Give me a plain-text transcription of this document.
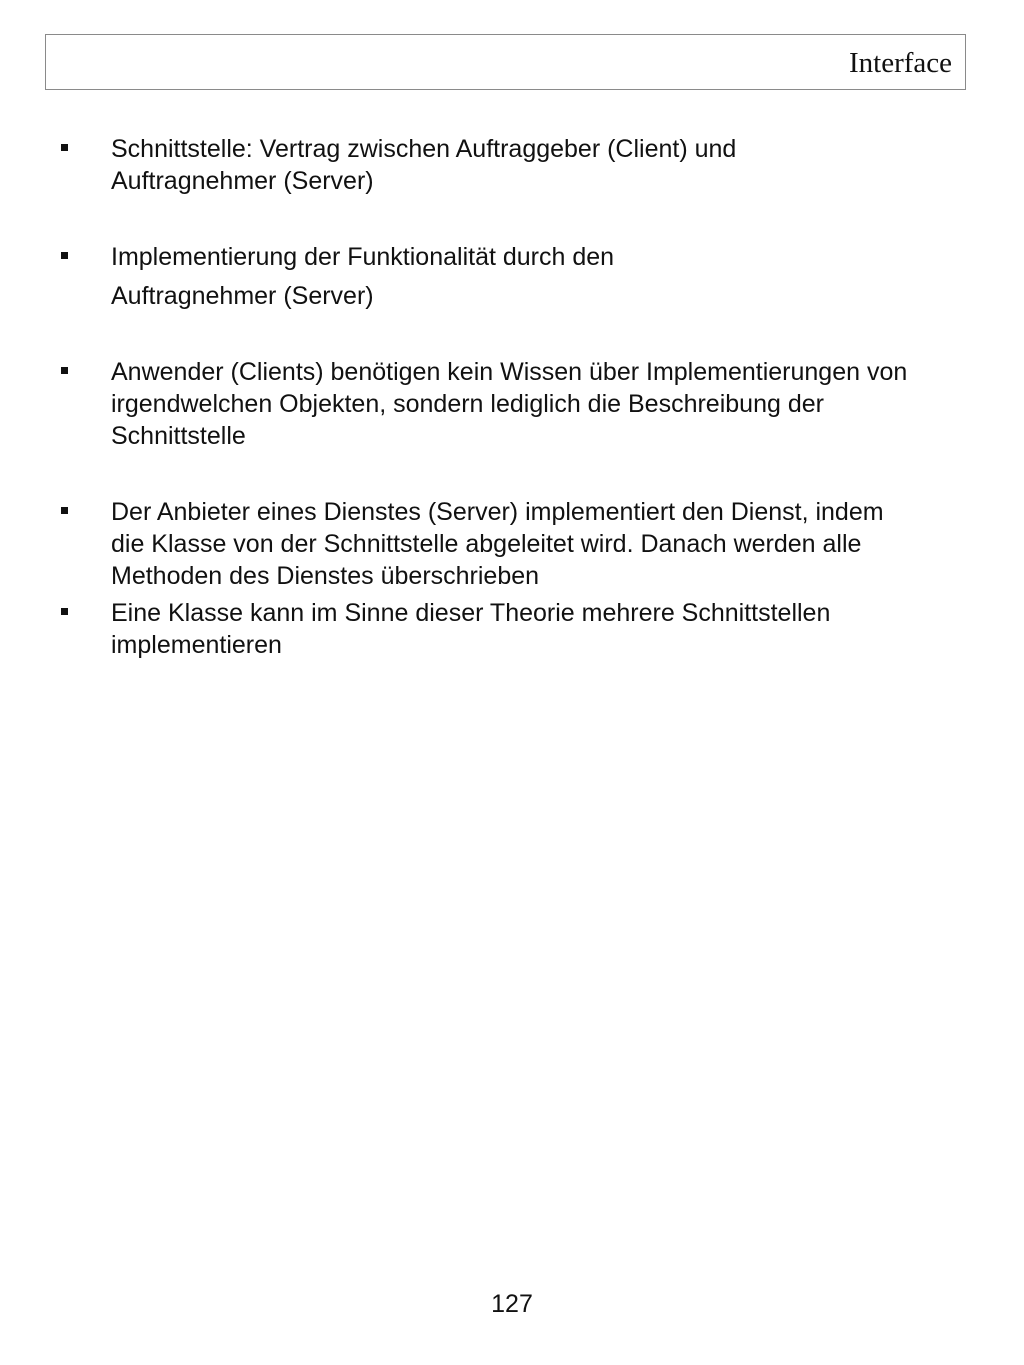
Interface
Schnittstelle: Vertrag zwischen Auftraggeber (Client) und
Auftragnehmer (Server)
Implementierung der Funktionalität durch den
Auftragnehmer (Server)
Anwender (Clients) benötigen kein Wissen über Implementierungen von
irgendwelchen Objekten, sondern lediglich die Beschreibung der
Schnittstelle
Der Anbieter eines Dienstes (Server) implementiert den Dienst, indem
die Klasse von der Schnittstelle abgeleitet wird. Danach werden alle
Methoden des Dienstes überschrieben
Eine Klasse kann im Sinne dieser Theorie mehrere Schnittstellen
implementieren
127
